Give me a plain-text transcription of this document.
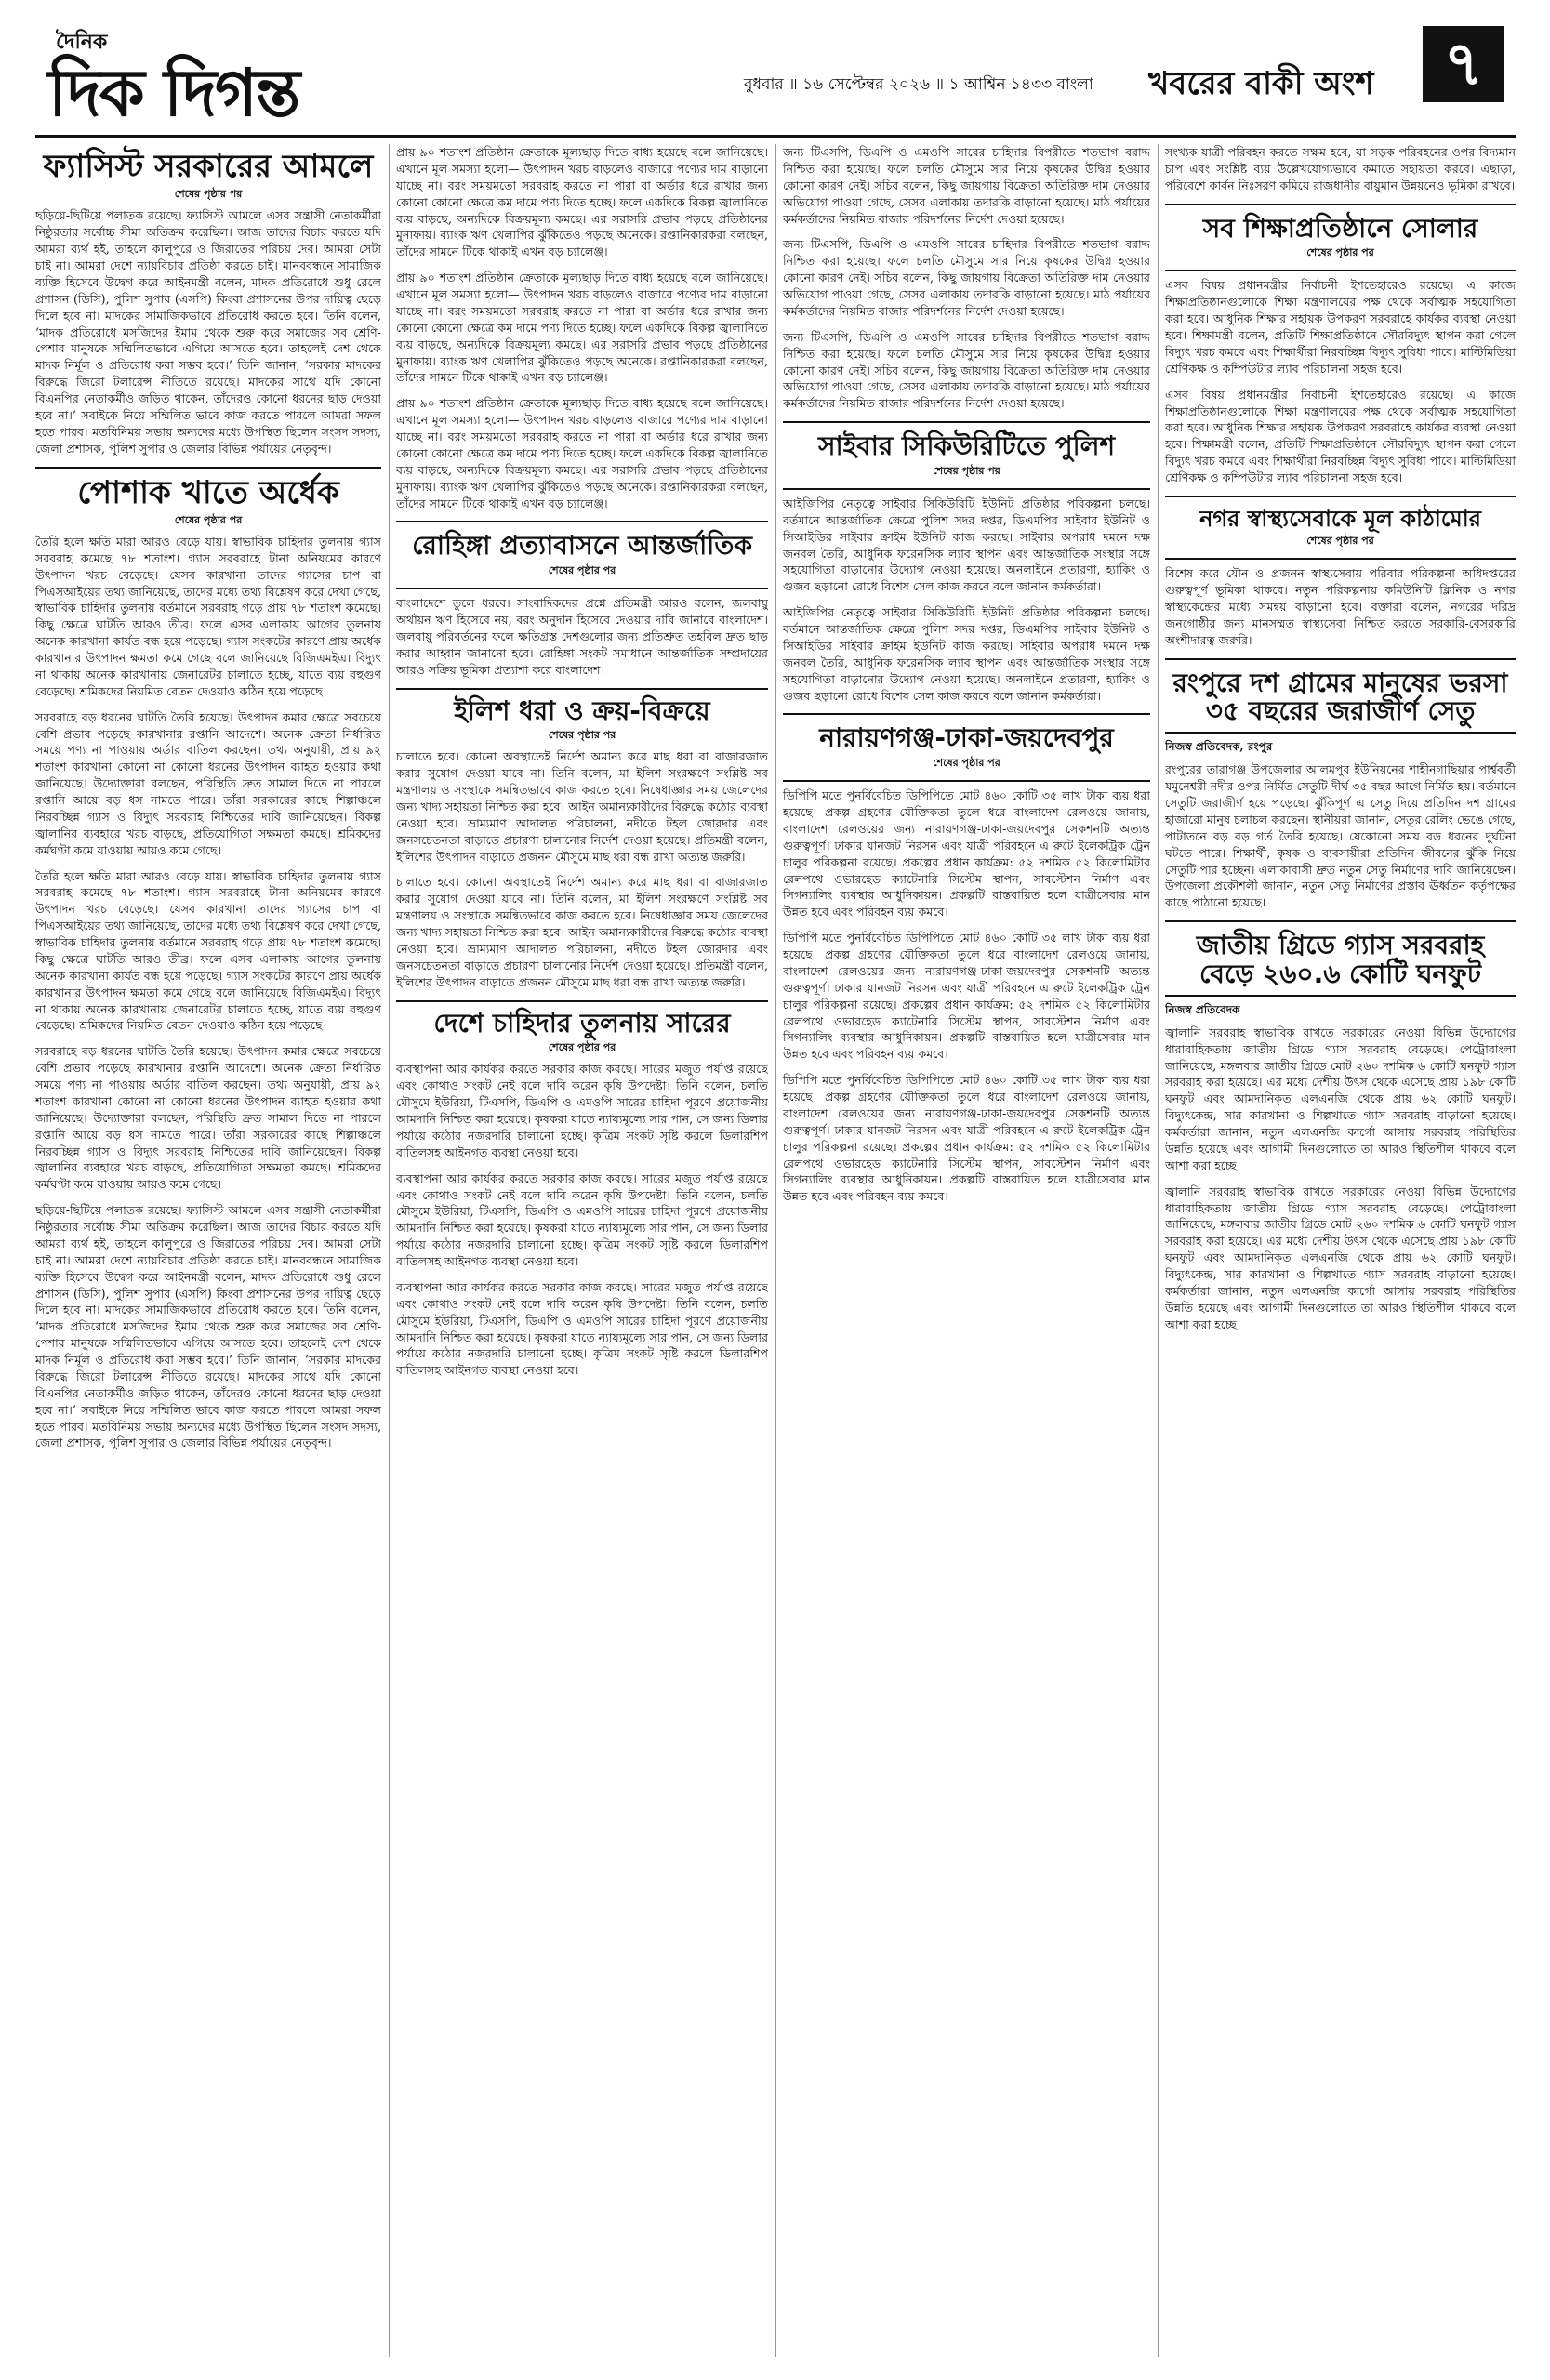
দৈনিক
দিক দিগন্ত	বুধবার ॥ ১৬ সেপ্টেম্বর ২০২৬ ॥ ১ আশ্বিন ১৪৩৩ বাংলা খবরের বাকী অংশ	৭
ফ্যাসিস্ট সরকারের আমলে
শেষের পৃষ্ঠার পর

ছড়িয়ে-ছিটিয়ে পলাতক রয়েছে। ফ্যাসিস্ট আমলে এসব সন্ত্রাসী নেতাকর্মীরা নিষ্ঠুরতার সর্বোচ্চ সীমা অতিক্রম করেছিল। আজ তাদের বিচার করতে যদি আমরা ব্যর্থ হই, তাহলে কালুপুরে ও জিরাতের পরিচয় দেব। আমরা সেটা চাই না। আমরা দেশে ন্যায়বিচার প্রতিষ্ঠা করতে চাই। মানববন্ধনে সামাজিক ব্যক্তি হিসেবে উদ্বেগ করে আইনমন্ত্রী বলেন, মাদক প্রতিরোধে শুধু রেলে প্রশাসন (ডিসি), পুলিশ সুপার (এসপি) কিংবা প্রশাসনের উপর দায়িত্ব ছেড়ে দিলে হবে না। মাদকের সামাজিকভাবে প্রতিরোধ করতে হবে। তিনি বলেন, ‘মাদক প্রতিরোধে মসজিদের ইমাম থেকে শুরু করে সমাজের সব শ্রেণি-পেশার মানুষকে সম্মিলিতভাবে এগিয়ে আসতে হবে। তাহলেই দেশ থেকে মাদক নির্মূল ও প্রতিরোধ করা সম্ভব হবে।’ তিনি জানান, ‘সরকার মাদকের বিরুদ্ধে জিরো টলারেন্স নীতিতে রয়েছে। মাদকের সাথে যদি কোনো বিএনপির নেতাকর্মীও জড়িত থাকেন, তাঁদেরও কোনো ধরনের ছাড় দেওয়া হবে না।’ সবাইকে নিয়ে সম্মিলিত ভাবে কাজ করতে পারলে আমরা সফল হতে পারব। মতবিনিময় সভায় অন্যদের মধ্যে উপস্থিত ছিলেন সংসদ সদস্য, জেলা প্রশাসক, পুলিশ সুপার ও জেলার বিভিন্ন পর্যায়ের নেতৃবৃন্দ।

পোশাক খাতে অর্ধেক
শেষের পৃষ্ঠার পর

তৈরি হলে ক্ষতি মারা আরও বেড়ে যায়। স্বাভাবিক চাহিদার তুলনায় গ্যাস সরবরাহ কমেছে ৭৮ শতাংশ। গ্যাস সরবরাহে টানা অনিয়মের কারণে উৎপাদন খরচ বেড়েছে। যেসব কারখানা তাদের গ্যাসের চাপ বা পিএসআইয়ের তথ্য জানিয়েছে, তাদের মধ্যে তথ্য বিশ্লেষণ করে দেখা গেছে, স্বাভাবিক চাহিদার তুলনায় বর্তমানে সরবরাহ গড়ে প্রায় ৭৮ শতাংশ কমেছে। কিছু ক্ষেত্রে ঘাটতি আরও তীব্র। ফলে এসব এলাকায় আগের তুলনায় অনেক কারখানা কার্যত বন্ধ হয়ে পড়েছে। গ্যাস সংকটের কারণে প্রায় অর্ধেক কারখানার উৎপাদন ক্ষমতা কমে গেছে বলে জানিয়েছে বিজিএমইএ। বিদ্যুৎ না থাকায় অনেক কারখানায় জেনারেটর চালাতে হচ্ছে, যাতে ব্যয় বহুগুণ বেড়েছে। শ্রমিকদের নিয়মিত বেতন দেওয়াও কঠিন হয়ে পড়েছে।

সরবরাহে বড় ধরনের ঘাটতি তৈরি হয়েছে। উৎপাদন কমার ক্ষেত্রে সবচেয়ে বেশি প্রভাব পড়েছে কারখানার রপ্তানি আদেশে। অনেক ক্রেতা নির্ধারিত সময়ে পণ্য না পাওয়ায় অর্ডার বাতিল করছেন। তথ্য অনুযায়ী, প্রায় ৯২ শতাংশ কারখানা কোনো না কোনো ধরনের উৎপাদন ব্যাহত হওয়ার কথা জানিয়েছে। উদ্যোক্তারা বলছেন, পরিস্থিতি দ্রুত সামাল দিতে না পারলে রপ্তানি আয়ে বড় ধস নামতে পারে। তাঁরা সরকারের কাছে শিল্পাঞ্চলে নিরবচ্ছিন্ন গ্যাস ও বিদ্যুৎ সরবরাহ নিশ্চিতের দাবি জানিয়েছেন। বিকল্প জ্বালানির ব্যবহারে খরচ বাড়ছে, প্রতিযোগিতা সক্ষমতা কমছে। শ্রমিকদের কর্মঘণ্টা কমে যাওয়ায় আয়ও কমে গেছে।

তৈরি হলে ক্ষতি মারা আরও বেড়ে যায়। স্বাভাবিক চাহিদার তুলনায় গ্যাস সরবরাহ কমেছে ৭৮ শতাংশ। গ্যাস সরবরাহে টানা অনিয়মের কারণে উৎপাদন খরচ বেড়েছে। যেসব কারখানা তাদের গ্যাসের চাপ বা পিএসআইয়ের তথ্য জানিয়েছে, তাদের মধ্যে তথ্য বিশ্লেষণ করে দেখা গেছে, স্বাভাবিক চাহিদার তুলনায় বর্তমানে সরবরাহ গড়ে প্রায় ৭৮ শতাংশ কমেছে। কিছু ক্ষেত্রে ঘাটতি আরও তীব্র। ফলে এসব এলাকায় আগের তুলনায় অনেক কারখানা কার্যত বন্ধ হয়ে পড়েছে। গ্যাস সংকটের কারণে প্রায় অর্ধেক কারখানার উৎপাদন ক্ষমতা কমে গেছে বলে জানিয়েছে বিজিএমইএ। বিদ্যুৎ না থাকায় অনেক কারখানায় জেনারেটর চালাতে হচ্ছে, যাতে ব্যয় বহুগুণ বেড়েছে। শ্রমিকদের নিয়মিত বেতন দেওয়াও কঠিন হয়ে পড়েছে।

সরবরাহে বড় ধরনের ঘাটতি তৈরি হয়েছে। উৎপাদন কমার ক্ষেত্রে সবচেয়ে বেশি প্রভাব পড়েছে কারখানার রপ্তানি আদেশে। অনেক ক্রেতা নির্ধারিত সময়ে পণ্য না পাওয়ায় অর্ডার বাতিল করছেন। তথ্য অনুযায়ী, প্রায় ৯২ শতাংশ কারখানা কোনো না কোনো ধরনের উৎপাদন ব্যাহত হওয়ার কথা জানিয়েছে। উদ্যোক্তারা বলছেন, পরিস্থিতি দ্রুত সামাল দিতে না পারলে রপ্তানি আয়ে বড় ধস নামতে পারে। তাঁরা সরকারের কাছে শিল্পাঞ্চলে নিরবচ্ছিন্ন গ্যাস ও বিদ্যুৎ সরবরাহ নিশ্চিতের দাবি জানিয়েছেন। বিকল্প জ্বালানির ব্যবহারে খরচ বাড়ছে, প্রতিযোগিতা সক্ষমতা কমছে। শ্রমিকদের কর্মঘণ্টা কমে যাওয়ায় আয়ও কমে গেছে।

ছড়িয়ে-ছিটিয়ে পলাতক রয়েছে। ফ্যাসিস্ট আমলে এসব সন্ত্রাসী নেতাকর্মীরা নিষ্ঠুরতার সর্বোচ্চ সীমা অতিক্রম করেছিল। আজ তাদের বিচার করতে যদি আমরা ব্যর্থ হই, তাহলে কালুপুরে ও জিরাতের পরিচয় দেব। আমরা সেটা চাই না। আমরা দেশে ন্যায়বিচার প্রতিষ্ঠা করতে চাই। মানববন্ধনে সামাজিক ব্যক্তি হিসেবে উদ্বেগ করে আইনমন্ত্রী বলেন, মাদক প্রতিরোধে শুধু রেলে প্রশাসন (ডিসি), পুলিশ সুপার (এসপি) কিংবা প্রশাসনের উপর দায়িত্ব ছেড়ে দিলে হবে না। মাদকের সামাজিকভাবে প্রতিরোধ করতে হবে। তিনি বলেন, ‘মাদক প্রতিরোধে মসজিদের ইমাম থেকে শুরু করে সমাজের সব শ্রেণি-পেশার মানুষকে সম্মিলিতভাবে এগিয়ে আসতে হবে। তাহলেই দেশ থেকে মাদক নির্মূল ও প্রতিরোধ করা সম্ভব হবে।’ তিনি জানান, ‘সরকার মাদকের বিরুদ্ধে জিরো টলারেন্স নীতিতে রয়েছে। মাদকের সাথে যদি কোনো বিএনপির নেতাকর্মীও জড়িত থাকেন, তাঁদেরও কোনো ধরনের ছাড় দেওয়া হবে না।’ সবাইকে নিয়ে সম্মিলিত ভাবে কাজ করতে পারলে আমরা সফল হতে পারব। মতবিনিময় সভায় অন্যদের মধ্যে উপস্থিত ছিলেন সংসদ সদস্য, জেলা প্রশাসক, পুলিশ সুপার ও জেলার বিভিন্ন পর্যায়ের নেতৃবৃন্দ।

প্রায় ৯০ শতাংশ প্রতিষ্ঠান ক্রেতাকে মূল্যছাড় দিতে বাধ্য হয়েছে বলে জানিয়েছে। এখানে মূল সমস্যা হলো— উৎপাদন খরচ বাড়লেও বাজারে পণ্যের দাম বাড়ানো যাচ্ছে না। বরং সময়মতো সরবরাহ করতে না পারা বা অর্ডার ধরে রাখার জন্য কোনো কোনো ক্ষেত্রে কম দামে পণ্য দিতে হচ্ছে। ফলে একদিকে বিকল্প জ্বালানিতে ব্যয় বাড়ছে, অন্যদিকে বিক্রয়মূল্য কমছে। এর সরাসরি প্রভাব পড়ছে প্রতিষ্ঠানের মুনাফায়। ব্যাংক ঋণ খেলাপির ঝুঁকিতেও পড়ছে অনেকে। রপ্তানিকারকরা বলছেন, তাঁদের সামনে টিকে থাকাই এখন বড় চ্যালেঞ্জ।

প্রায় ৯০ শতাংশ প্রতিষ্ঠান ক্রেতাকে মূল্যছাড় দিতে বাধ্য হয়েছে বলে জানিয়েছে। এখানে মূল সমস্যা হলো— উৎপাদন খরচ বাড়লেও বাজারে পণ্যের দাম বাড়ানো যাচ্ছে না। বরং সময়মতো সরবরাহ করতে না পারা বা অর্ডার ধরে রাখার জন্য কোনো কোনো ক্ষেত্রে কম দামে পণ্য দিতে হচ্ছে। ফলে একদিকে বিকল্প জ্বালানিতে ব্যয় বাড়ছে, অন্যদিকে বিক্রয়মূল্য কমছে। এর সরাসরি প্রভাব পড়ছে প্রতিষ্ঠানের মুনাফায়। ব্যাংক ঋণ খেলাপির ঝুঁকিতেও পড়ছে অনেকে। রপ্তানিকারকরা বলছেন, তাঁদের সামনে টিকে থাকাই এখন বড় চ্যালেঞ্জ।

প্রায় ৯০ শতাংশ প্রতিষ্ঠান ক্রেতাকে মূল্যছাড় দিতে বাধ্য হয়েছে বলে জানিয়েছে। এখানে মূল সমস্যা হলো— উৎপাদন খরচ বাড়লেও বাজারে পণ্যের দাম বাড়ানো যাচ্ছে না। বরং সময়মতো সরবরাহ করতে না পারা বা অর্ডার ধরে রাখার জন্য কোনো কোনো ক্ষেত্রে কম দামে পণ্য দিতে হচ্ছে। ফলে একদিকে বিকল্প জ্বালানিতে ব্যয় বাড়ছে, অন্যদিকে বিক্রয়মূল্য কমছে। এর সরাসরি প্রভাব পড়ছে প্রতিষ্ঠানের মুনাফায়। ব্যাংক ঋণ খেলাপির ঝুঁকিতেও পড়ছে অনেকে। রপ্তানিকারকরা বলছেন, তাঁদের সামনে টিকে থাকাই এখন বড় চ্যালেঞ্জ।

রোহিঙ্গা প্রত্যাবাসনে আন্তর্জাতিক
শেষের পৃষ্ঠার পর

বাংলাদেশে তুলে ধরবে। সাংবাদিকদের প্রশ্নে প্রতিমন্ত্রী আরও বলেন, জলবায়ু অর্থায়ন ঋণ হিসেবে নয়, বরং অনুদান হিসেবে দেওয়ার দাবি জানাবে বাংলাদেশ। জলবায়ু পরিবর্তনের ফলে ক্ষতিগ্রস্ত দেশগুলোর জন্য প্রতিশ্রুত তহবিল দ্রুত ছাড় করার আহ্বান জানানো হবে। রোহিঙ্গা সংকট সমাধানে আন্তর্জাতিক সম্প্রদায়ের আরও সক্রিয় ভূমিকা প্রত্যাশা করে বাংলাদেশ।

ইলিশ ধরা ও ক্রয়-বিক্রয়ে
শেষের পৃষ্ঠার পর

চালাতে হবে। কোনো অবস্থাতেই নির্দেশ অমান্য করে মাছ ধরা বা বাজারজাত করার সুযোগ দেওয়া যাবে না। তিনি বলেন, মা ইলিশ সংরক্ষণে সংশ্লিষ্ট সব মন্ত্রণালয় ও সংস্থাকে সমন্বিতভাবে কাজ করতে হবে। নিষেধাজ্ঞার সময় জেলেদের জন্য খাদ্য সহায়তা নিশ্চিত করা হবে। আইন অমান্যকারীদের বিরুদ্ধে কঠোর ব্যবস্থা নেওয়া হবে। ভ্রাম্যমাণ আদালত পরিচালনা, নদীতে টহল জোরদার এবং জনসচেতনতা বাড়াতে প্রচারণা চালানোর নির্দেশ দেওয়া হয়েছে। প্রতিমন্ত্রী বলেন, ইলিশের উৎপাদন বাড়াতে প্রজনন মৌসুমে মাছ ধরা বন্ধ রাখা অত্যন্ত জরুরি।

চালাতে হবে। কোনো অবস্থাতেই নির্দেশ অমান্য করে মাছ ধরা বা বাজারজাত করার সুযোগ দেওয়া যাবে না। তিনি বলেন, মা ইলিশ সংরক্ষণে সংশ্লিষ্ট সব মন্ত্রণালয় ও সংস্থাকে সমন্বিতভাবে কাজ করতে হবে। নিষেধাজ্ঞার সময় জেলেদের জন্য খাদ্য সহায়তা নিশ্চিত করা হবে। আইন অমান্যকারীদের বিরুদ্ধে কঠোর ব্যবস্থা নেওয়া হবে। ভ্রাম্যমাণ আদালত পরিচালনা, নদীতে টহল জোরদার এবং জনসচেতনতা বাড়াতে প্রচারণা চালানোর নির্দেশ দেওয়া হয়েছে। প্রতিমন্ত্রী বলেন, ইলিশের উৎপাদন বাড়াতে প্রজনন মৌসুমে মাছ ধরা বন্ধ রাখা অত্যন্ত জরুরি।

দেশে চাহিদার তুলনায় সারের
শেষের পৃষ্ঠার পর

ব্যবস্থাপনা আর কার্যকর করতে সরকার কাজ করছে। সারের মজুত পর্যাপ্ত রয়েছে এবং কোথাও সংকট নেই বলে দাবি করেন কৃষি উপদেষ্টা। তিনি বলেন, চলতি মৌসুমে ইউরিয়া, টিএসপি, ডিএপি ও এমওপি সারের চাহিদা পূরণে প্রয়োজনীয় আমদানি নিশ্চিত করা হয়েছে। কৃষকরা যাতে ন্যায্যমূল্যে সার পান, সে জন্য ডিলার পর্যায়ে কঠোর নজরদারি চালানো হচ্ছে। কৃত্রিম সংকট সৃষ্টি করলে ডিলারশিপ বাতিলসহ আইনগত ব্যবস্থা নেওয়া হবে।

ব্যবস্থাপনা আর কার্যকর করতে সরকার কাজ করছে। সারের মজুত পর্যাপ্ত রয়েছে এবং কোথাও সংকট নেই বলে দাবি করেন কৃষি উপদেষ্টা। তিনি বলেন, চলতি মৌসুমে ইউরিয়া, টিএসপি, ডিএপি ও এমওপি সারের চাহিদা পূরণে প্রয়োজনীয় আমদানি নিশ্চিত করা হয়েছে। কৃষকরা যাতে ন্যায্যমূল্যে সার পান, সে জন্য ডিলার পর্যায়ে কঠোর নজরদারি চালানো হচ্ছে। কৃত্রিম সংকট সৃষ্টি করলে ডিলারশিপ বাতিলসহ আইনগত ব্যবস্থা নেওয়া হবে।

ব্যবস্থাপনা আর কার্যকর করতে সরকার কাজ করছে। সারের মজুত পর্যাপ্ত রয়েছে এবং কোথাও সংকট নেই বলে দাবি করেন কৃষি উপদেষ্টা। তিনি বলেন, চলতি মৌসুমে ইউরিয়া, টিএসপি, ডিএপি ও এমওপি সারের চাহিদা পূরণে প্রয়োজনীয় আমদানি নিশ্চিত করা হয়েছে। কৃষকরা যাতে ন্যায্যমূল্যে সার পান, সে জন্য ডিলার পর্যায়ে কঠোর নজরদারি চালানো হচ্ছে। কৃত্রিম সংকট সৃষ্টি করলে ডিলারশিপ বাতিলসহ আইনগত ব্যবস্থা নেওয়া হবে।

জন্য টিএসপি, ডিএপি ও এমওপি সারের চাহিদার বিপরীতে শতভাগ বরাদ্দ নিশ্চিত করা হয়েছে। ফলে চলতি মৌসুমে সার নিয়ে কৃষকের উদ্বিগ্ন হওয়ার কোনো কারণ নেই। সচিব বলেন, কিছু জায়গায় বিক্রেতা অতিরিক্ত দাম নেওয়ার অভিযোগ পাওয়া গেছে, সেসব এলাকায় তদারকি বাড়ানো হয়েছে। মাঠ পর্যায়ের কর্মকর্তাদের নিয়মিত বাজার পরিদর্শনের নির্দেশ দেওয়া হয়েছে।

জন্য টিএসপি, ডিএপি ও এমওপি সারের চাহিদার বিপরীতে শতভাগ বরাদ্দ নিশ্চিত করা হয়েছে। ফলে চলতি মৌসুমে সার নিয়ে কৃষকের উদ্বিগ্ন হওয়ার কোনো কারণ নেই। সচিব বলেন, কিছু জায়গায় বিক্রেতা অতিরিক্ত দাম নেওয়ার অভিযোগ পাওয়া গেছে, সেসব এলাকায় তদারকি বাড়ানো হয়েছে। মাঠ পর্যায়ের কর্মকর্তাদের নিয়মিত বাজার পরিদর্শনের নির্দেশ দেওয়া হয়েছে।

জন্য টিএসপি, ডিএপি ও এমওপি সারের চাহিদার বিপরীতে শতভাগ বরাদ্দ নিশ্চিত করা হয়েছে। ফলে চলতি মৌসুমে সার নিয়ে কৃষকের উদ্বিগ্ন হওয়ার কোনো কারণ নেই। সচিব বলেন, কিছু জায়গায় বিক্রেতা অতিরিক্ত দাম নেওয়ার অভিযোগ পাওয়া গেছে, সেসব এলাকায় তদারকি বাড়ানো হয়েছে। মাঠ পর্যায়ের কর্মকর্তাদের নিয়মিত বাজার পরিদর্শনের নির্দেশ দেওয়া হয়েছে।

সাইবার সিকিউরিটিতে পুলিশ
শেষের পৃষ্ঠার পর

আইজিপির নেতৃত্বে সাইবার সিকিউরিটি ইউনিট প্রতিষ্ঠার পরিকল্পনা চলছে। বর্তমানে আন্তর্জাতিক ক্ষেত্রে পুলিশ সদর দপ্তর, ডিএমপির সাইবার ইউনিট ও সিআইডির সাইবার ক্রাইম ইউনিট কাজ করছে। সাইবার অপরাধ দমনে দক্ষ জনবল তৈরি, আধুনিক ফরেনসিক ল্যাব স্থাপন এবং আন্তর্জাতিক সংস্থার সঙ্গে সহযোগিতা বাড়ানোর উদ্যোগ নেওয়া হয়েছে। অনলাইনে প্রতারণা, হ্যাকিং ও গুজব ছড়ানো রোধে বিশেষ সেল কাজ করবে বলে জানান কর্মকর্তারা।

আইজিপির নেতৃত্বে সাইবার সিকিউরিটি ইউনিট প্রতিষ্ঠার পরিকল্পনা চলছে। বর্তমানে আন্তর্জাতিক ক্ষেত্রে পুলিশ সদর দপ্তর, ডিএমপির সাইবার ইউনিট ও সিআইডির সাইবার ক্রাইম ইউনিট কাজ করছে। সাইবার অপরাধ দমনে দক্ষ জনবল তৈরি, আধুনিক ফরেনসিক ল্যাব স্থাপন এবং আন্তর্জাতিক সংস্থার সঙ্গে সহযোগিতা বাড়ানোর উদ্যোগ নেওয়া হয়েছে। অনলাইনে প্রতারণা, হ্যাকিং ও গুজব ছড়ানো রোধে বিশেষ সেল কাজ করবে বলে জানান কর্মকর্তারা।

নারায়ণগঞ্জ-ঢাকা-জয়দেবপুর
শেষের পৃষ্ঠার পর

ডিপিপি মতে পুনর্বিবেচিত ডিপিপিতে মোট ৪৬০ কোটি ৩৫ লাখ টাকা ব্যয় ধরা হয়েছে। প্রকল্প গ্রহণের যৌক্তিকতা তুলে ধরে বাংলাদেশ রেলওয়ে জানায়, বাংলাদেশ রেলওয়ের জন্য নারায়ণগঞ্জ-ঢাকা-জয়দেবপুর সেকশনটি অত্যন্ত গুরুত্বপূর্ণ। ঢাকার যানজট নিরসন এবং যাত্রী পরিবহনে এ রুটে ইলেকট্রিক ট্রেন চালুর পরিকল্পনা রয়েছে। প্রকল্পের প্রধান কার্যক্রম: ৫২ দশমিক ৫২ কিলোমিটার রেলপথে ওভারহেড ক্যাটেনারি সিস্টেম স্থাপন, সাবস্টেশন নির্মাণ এবং সিগন্যালিং ব্যবস্থার আধুনিকায়ন। প্রকল্পটি বাস্তবায়িত হলে যাত্রীসেবার মান উন্নত হবে এবং পরিবহন ব্যয় কমবে।

ডিপিপি মতে পুনর্বিবেচিত ডিপিপিতে মোট ৪৬০ কোটি ৩৫ লাখ টাকা ব্যয় ধরা হয়েছে। প্রকল্প গ্রহণের যৌক্তিকতা তুলে ধরে বাংলাদেশ রেলওয়ে জানায়, বাংলাদেশ রেলওয়ের জন্য নারায়ণগঞ্জ-ঢাকা-জয়দেবপুর সেকশনটি অত্যন্ত গুরুত্বপূর্ণ। ঢাকার যানজট নিরসন এবং যাত্রী পরিবহনে এ রুটে ইলেকট্রিক ট্রেন চালুর পরিকল্পনা রয়েছে। প্রকল্পের প্রধান কার্যক্রম: ৫২ দশমিক ৫২ কিলোমিটার রেলপথে ওভারহেড ক্যাটেনারি সিস্টেম স্থাপন, সাবস্টেশন নির্মাণ এবং সিগন্যালিং ব্যবস্থার আধুনিকায়ন। প্রকল্পটি বাস্তবায়িত হলে যাত্রীসেবার মান উন্নত হবে এবং পরিবহন ব্যয় কমবে।

ডিপিপি মতে পুনর্বিবেচিত ডিপিপিতে মোট ৪৬০ কোটি ৩৫ লাখ টাকা ব্যয় ধরা হয়েছে। প্রকল্প গ্রহণের যৌক্তিকতা তুলে ধরে বাংলাদেশ রেলওয়ে জানায়, বাংলাদেশ রেলওয়ের জন্য নারায়ণগঞ্জ-ঢাকা-জয়দেবপুর সেকশনটি অত্যন্ত গুরুত্বপূর্ণ। ঢাকার যানজট নিরসন এবং যাত্রী পরিবহনে এ রুটে ইলেকট্রিক ট্রেন চালুর পরিকল্পনা রয়েছে। প্রকল্পের প্রধান কার্যক্রম: ৫২ দশমিক ৫২ কিলোমিটার রেলপথে ওভারহেড ক্যাটেনারি সিস্টেম স্থাপন, সাবস্টেশন নির্মাণ এবং সিগন্যালিং ব্যবস্থার আধুনিকায়ন। প্রকল্পটি বাস্তবায়িত হলে যাত্রীসেবার মান উন্নত হবে এবং পরিবহন ব্যয় কমবে।

সংখ্যক যাত্রী পরিবহন করতে সক্ষম হবে, যা সড়ক পরিবহনের ওপর বিদ্যমান চাপ এবং সংশ্লিষ্ট ব্যয় উল্লেখযোগ্যভাবে কমাতে সহায়তা করবে। এছাড়া, পরিবেশে কার্বন নিঃসরণ কমিয়ে রাজধানীর বায়ুমান উন্নয়নেও ভূমিকা রাখবে।

সব শিক্ষাপ্রতিষ্ঠানে সোলার
শেষের পৃষ্ঠার পর

এসব বিষয় প্রধানমন্ত্রীর নির্বাচনী ইশতেহারেও রয়েছে। এ কাজে শিক্ষাপ্রতিষ্ঠানগুলোকে শিক্ষা মন্ত্রণালয়ের পক্ষ থেকে সর্বাত্মক সহযোগিতা করা হবে। আধুনিক শিক্ষার সহায়ক উপকরণ সরবরাহে কার্যকর ব্যবস্থা নেওয়া হবে। শিক্ষামন্ত্রী বলেন, প্রতিটি শিক্ষাপ্রতিষ্ঠানে সৌরবিদ্যুৎ স্থাপন করা গেলে বিদ্যুৎ খরচ কমবে এবং শিক্ষার্থীরা নিরবচ্ছিন্ন বিদ্যুৎ সুবিধা পাবে। মাল্টিমিডিয়া শ্রেণিকক্ষ ও কম্পিউটার ল্যাব পরিচালনা সহজ হবে।

এসব বিষয় প্রধানমন্ত্রীর নির্বাচনী ইশতেহারেও রয়েছে। এ কাজে শিক্ষাপ্রতিষ্ঠানগুলোকে শিক্ষা মন্ত্রণালয়ের পক্ষ থেকে সর্বাত্মক সহযোগিতা করা হবে। আধুনিক শিক্ষার সহায়ক উপকরণ সরবরাহে কার্যকর ব্যবস্থা নেওয়া হবে। শিক্ষামন্ত্রী বলেন, প্রতিটি শিক্ষাপ্রতিষ্ঠানে সৌরবিদ্যুৎ স্থাপন করা গেলে বিদ্যুৎ খরচ কমবে এবং শিক্ষার্থীরা নিরবচ্ছিন্ন বিদ্যুৎ সুবিধা পাবে। মাল্টিমিডিয়া শ্রেণিকক্ষ ও কম্পিউটার ল্যাব পরিচালনা সহজ হবে।

নগর স্বাস্থ্যসেবাকে মূল কাঠামোর
শেষের পৃষ্ঠার পর

বিশেষ করে যৌন ও প্রজনন স্বাস্থ্যসেবায় পরিবার পরিকল্পনা অধিদপ্তরের গুরুত্বপূর্ণ ভূমিকা থাকবে। নতুন পরিকল্পনায় কমিউনিটি ক্লিনিক ও নগর স্বাস্থ্যকেন্দ্রের মধ্যে সমন্বয় বাড়ানো হবে। বক্তারা বলেন, নগরের দরিদ্র জনগোষ্ঠীর জন্য মানসম্মত স্বাস্থ্যসেবা নিশ্চিত করতে সরকারি-বেসরকারি অংশীদারত্ব জরুরি।

রংপুরে দশ গ্রামের মানুষের ভরসা ৩৫ বছরের জরাজীর্ণ সেতু
নিজস্ব প্রতিবেদক, রংপুর

রংপুরের তারাগঞ্জ উপজেলার আলমপুর ইউনিয়নের শাহীনগাছিয়ার পার্শ্ববর্তী যমুনেশ্বরী নদীর ওপর নির্মিত সেতুটি দীর্ঘ ৩৫ বছর আগে নির্মিত হয়। বর্তমানে সেতুটি জরাজীর্ণ হয়ে পড়েছে। ঝুঁকিপূর্ণ এ সেতু দিয়ে প্রতিদিন দশ গ্রামের হাজারো মানুষ চলাচল করছেন। স্থানীয়রা জানান, সেতুর রেলিং ভেঙে গেছে, পাটাতনে বড় বড় গর্ত তৈরি হয়েছে। যেকোনো সময় বড় ধরনের দুর্ঘটনা ঘটতে পারে। শিক্ষার্থী, কৃষক ও ব্যবসায়ীরা প্রতিদিন জীবনের ঝুঁকি নিয়ে সেতুটি পার হচ্ছেন। এলাকাবাসী দ্রুত নতুন সেতু নির্মাণের দাবি জানিয়েছেন। উপজেলা প্রকৌশলী জানান, নতুন সেতু নির্মাণের প্রস্তাব ঊর্ধ্বতন কর্তৃপক্ষের কাছে পাঠানো হয়েছে।

জাতীয় গ্রিডে গ্যাস সরবরাহ বেড়ে ২৬০.৬ কোটি ঘনফুট
নিজস্ব প্রতিবেদক

জ্বালানি সরবরাহ স্বাভাবিক রাখতে সরকারের নেওয়া বিভিন্ন উদ্যোগের ধারাবাহিকতায় জাতীয় গ্রিডে গ্যাস সরবরাহ বেড়েছে। পেট্রোবাংলা জানিয়েছে, মঙ্গলবার জাতীয় গ্রিডে মোট ২৬০ দশমিক ৬ কোটি ঘনফুট গ্যাস সরবরাহ করা হয়েছে। এর মধ্যে দেশীয় উৎস থেকে এসেছে প্রায় ১৯৮ কোটি ঘনফুট এবং আমদানিকৃত এলএনজি থেকে প্রায় ৬২ কোটি ঘনফুট। বিদ্যুৎকেন্দ্র, সার কারখানা ও শিল্পখাতে গ্যাস সরবরাহ বাড়ানো হয়েছে। কর্মকর্তারা জানান, নতুন এলএনজি কার্গো আসায় সরবরাহ পরিস্থিতির উন্নতি হয়েছে এবং আগামী দিনগুলোতে তা আরও স্থিতিশীল থাকবে বলে আশা করা হচ্ছে।

জ্বালানি সরবরাহ স্বাভাবিক রাখতে সরকারের নেওয়া বিভিন্ন উদ্যোগের ধারাবাহিকতায় জাতীয় গ্রিডে গ্যাস সরবরাহ বেড়েছে। পেট্রোবাংলা জানিয়েছে, মঙ্গলবার জাতীয় গ্রিডে মোট ২৬০ দশমিক ৬ কোটি ঘনফুট গ্যাস সরবরাহ করা হয়েছে। এর মধ্যে দেশীয় উৎস থেকে এসেছে প্রায় ১৯৮ কোটি ঘনফুট এবং আমদানিকৃত এলএনজি থেকে প্রায় ৬২ কোটি ঘনফুট। বিদ্যুৎকেন্দ্র, সার কারখানা ও শিল্পখাতে গ্যাস সরবরাহ বাড়ানো হয়েছে। কর্মকর্তারা জানান, নতুন এলএনজি কার্গো আসায় সরবরাহ পরিস্থিতির উন্নতি হয়েছে এবং আগামী দিনগুলোতে তা আরও স্থিতিশীল থাকবে বলে আশা করা হচ্ছে।
